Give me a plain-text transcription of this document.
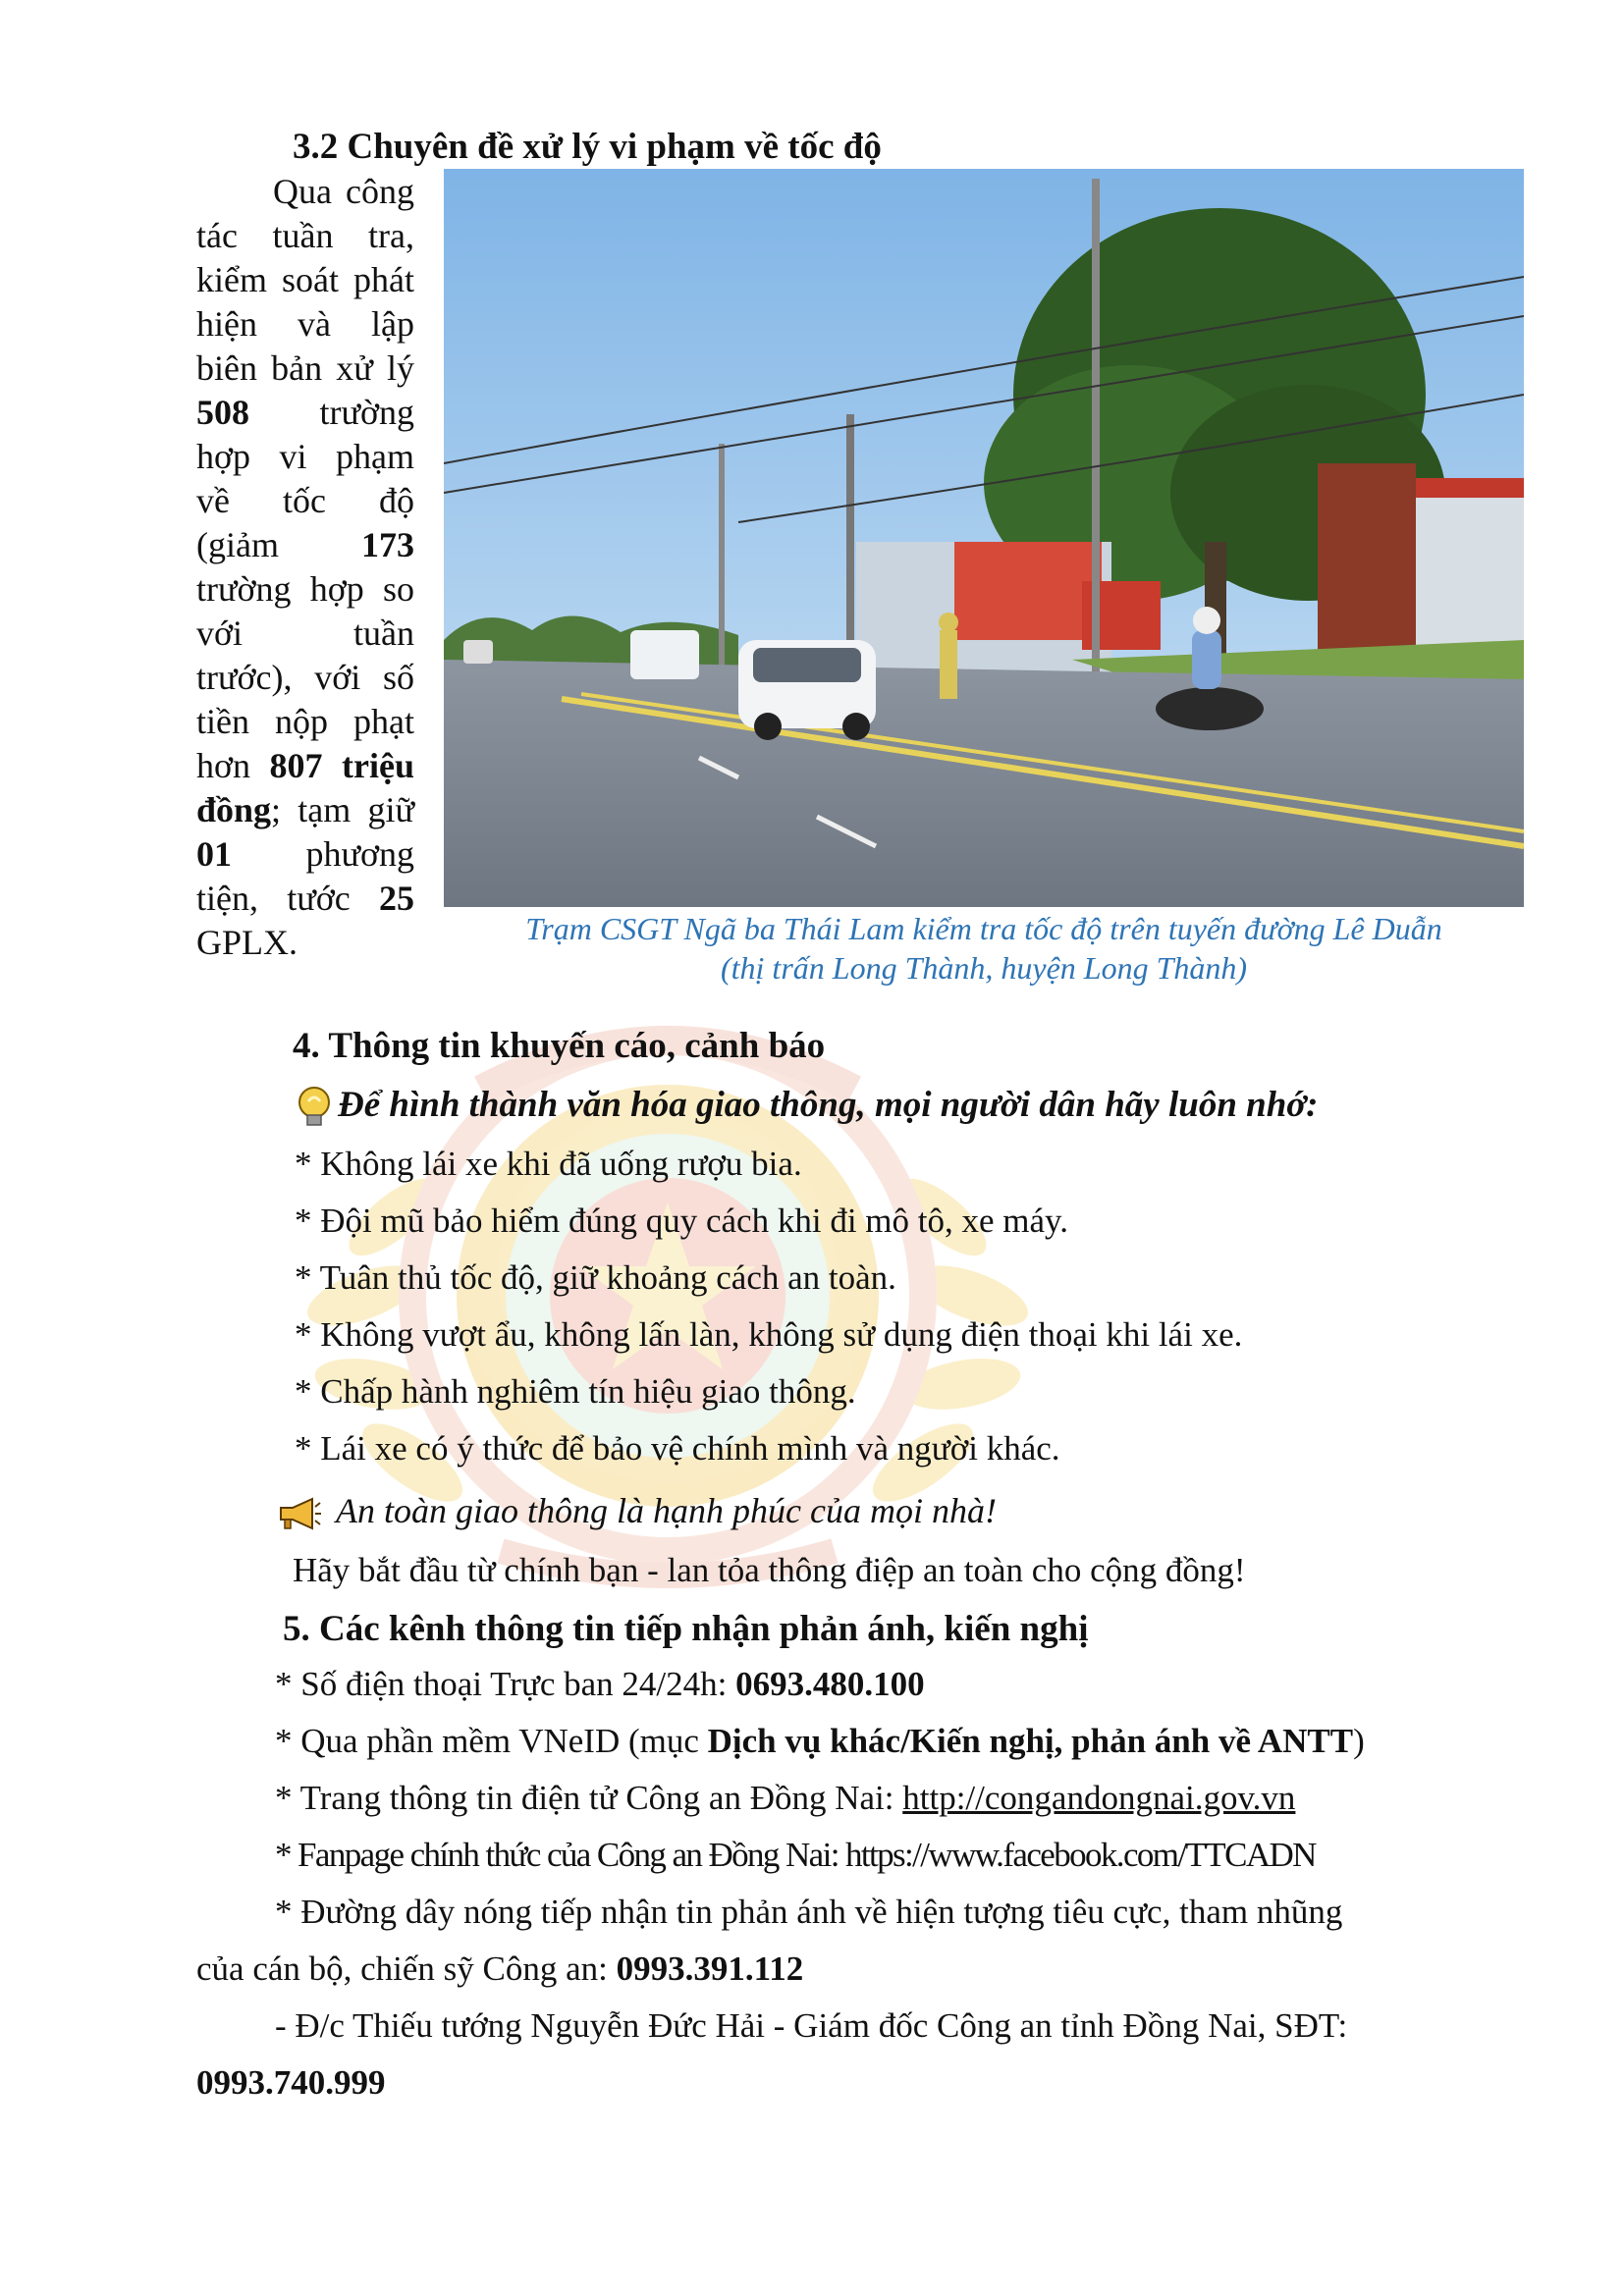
3.2 Chuyên đề xử lý vi phạm về tốc độ

Qua công tác tuần tra, kiểm soát phát hiện và lập biên bản xử lý 508 trường hợp vi phạm về tốc độ (giảm 173 trường hợp so với tuần trước), với số tiền nộp phạt hơn 807 triệu đồng; tạm giữ 01 phương tiện, tước 25 GPLX.	Trạm CSGT Ngã ba Thái Lam kiểm tra tốc độ trên tuyến đường Lê Duẫn
(thị trấn Long Thành, huyện Long Thành)
4. Thông tin khuyến cáo, cảnh báo
Để hình thành văn hóa giao thông, mọi người dân hãy luôn nhớ:
* Không lái xe khi đã uống rượu bia.
* Đội mũ bảo hiểm đúng quy cách khi đi mô tô, xe máy.
* Tuân thủ tốc độ, giữ khoảng cách an toàn.
* Không vượt ẩu, không lấn làn, không sử dụng điện thoại khi lái xe.
* Chấp hành nghiêm tín hiệu giao thông.
* Lái xe có ý thức để bảo vệ chính mình và người khác.
An toàn giao thông là hạnh phúc của mọi nhà!
Hãy bắt đầu từ chính bạn - lan tỏa thông điệp an toàn cho cộng đồng!
5. Các kênh thông tin tiếp nhận phản ánh, kiến nghị
* Số điện thoại Trực ban 24/24h: 0693.480.100
* Qua phần mềm VNeID (mục Dịch vụ khác/Kiến nghị, phản ánh về ANTT)
* Trang thông tin điện tử Công an Đồng Nai: http://congandongnai.gov.vn
* Fanpage chính thức của Công an Đồng Nai: https://www.facebook.com/TTCADN
* Đường dây nóng tiếp nhận tin phản ánh về hiện tượng tiêu cực, tham nhũng
của cán bộ, chiến sỹ Công an: 0993.391.112
- Đ/c Thiếu tướng Nguyễn Đức Hải - Giám đốc Công an tỉnh Đồng Nai, SĐT:
0993.740.999
